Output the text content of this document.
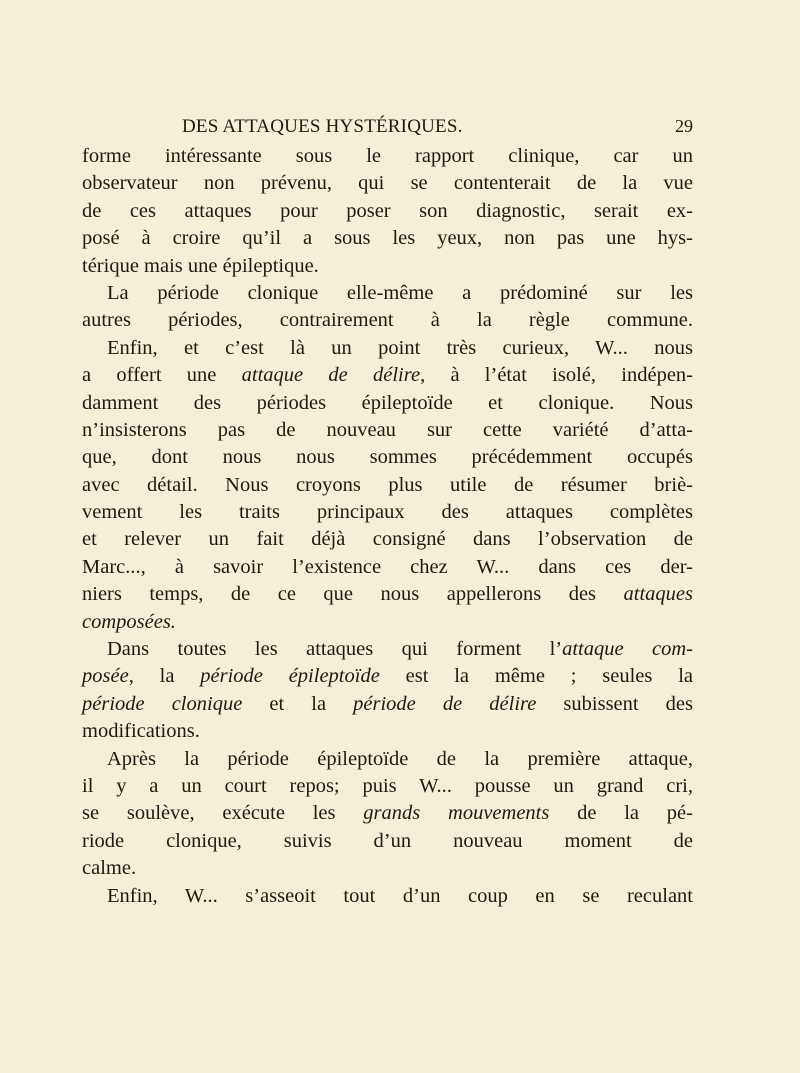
DES ATTAQUES HYSTÉRIQUES.	29
forme intéressante sous le rapport clinique, car un
observateur non prévenu, qui se contenterait de la vue
de ces attaques pour poser son diagnostic, serait ex-
posé à croire qu’il a sous les yeux, non pas une hys-
térique mais une épileptique.
La période clonique elle-même a prédominé sur les
autres périodes, contrairement à la règle commune.
Enfin, et c’est là un point très curieux, W... nous
a offert une attaque de délire, à l’état isolé, indépen-
damment des périodes épileptoïde et clonique. Nous
n’insisterons pas de nouveau sur cette variété d’atta-
que, dont nous nous sommes précédemment occupés
avec détail. Nous croyons plus utile de résumer briè-
vement les traits principaux des attaques complètes
et relever un fait déjà consigné dans l’observation de
Marc..., à savoir l’existence chez W... dans ces der-
niers temps, de ce que nous appellerons des attaques
composées.
Dans toutes les attaques qui forment l’attaque com-
posée, la période épileptoïde est la même ; seules la
période clonique et la période de délire subissent des
modifications.
Après la période épileptoïde de la première attaque,
il y a un court repos; puis W... pousse un grand cri,
se soulève, exécute les grands mouvements de la pé-
riode clonique, suivis d’un nouveau moment de
calme.
Enfin, W... s’asseoit tout d’un coup en se reculant
